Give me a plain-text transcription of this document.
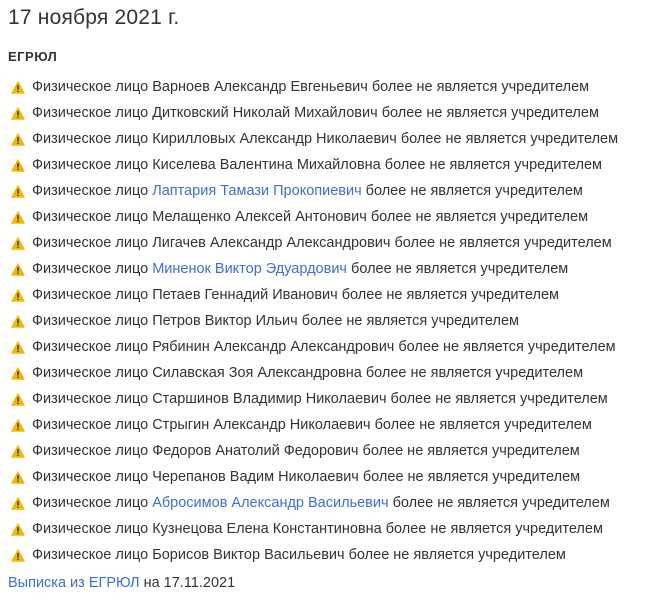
17 ноября 2021 г.
ЕГРЮЛ
Физическое лицо Варноев Александр Евгеньевич более не является учредителем
Физическое лицо Дитковский Николай Михайлович более не является учредителем
Физическое лицо Кирилловых Александр Николаевич более не является учредителем
Физическое лицо Киселева Валентина Михайловна более не является учредителем
Физическое лицо Лаптария Тамази Прокопиевич более не является учредителем
Физическое лицо Мелащенко Алексей Антонович более не является учредителем
Физическое лицо Лигачев Александр Александрович более не является учредителем
Физическое лицо Миненок Виктор Эдуардович более не является учредителем
Физическое лицо Петаев Геннадий Иванович более не является учредителем
Физическое лицо Петров Виктор Ильич более не является учредителем
Физическое лицо Рябинин Александр Александрович более не является учредителем
Физическое лицо Силавская Зоя Александровна более не является учредителем
Физическое лицо Старшинов Владимир Николаевич более не является учредителем
Физическое лицо Стрыгин Александр Николаевич более не является учредителем
Физическое лицо Федоров Анатолий Федорович более не является учредителем
Физическое лицо Черепанов Вадим Николаевич более не является учредителем
Физическое лицо Абросимов Александр Васильевич более не является учредителем
Физическое лицо Кузнецова Елена Константиновна более не является учредителем
Физическое лицо Борисов Виктор Васильевич более не является учредителем
Выписка из ЕГРЮЛ на 17.11.2021
